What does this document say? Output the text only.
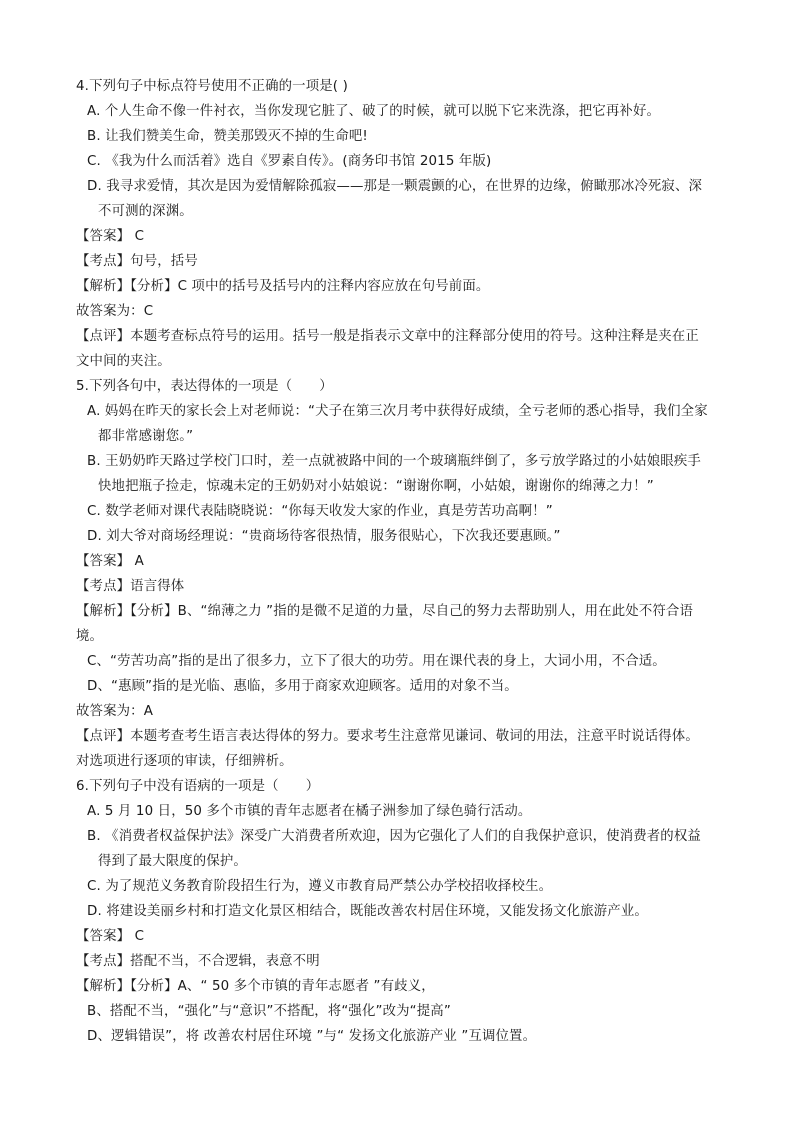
4.下列句子中标点符号使用不正确的一项是( )
A. 个人生命不像一件衬衣，当你发现它脏了、破了的时候，就可以脱下它来洗涤，把它再补好。
B. 让我们赞美生命，赞美那毁灭不掉的生命吧!
C. 《我为什么而活着》选自《罗素自传》。(商务印书馆 2015 年版)
D. 我寻求爱情，其次是因为爱情解除孤寂——那是一颗震颤的心，在世界的边缘，俯瞰那冰冷死寂、深
不可测的深渊。
【答案】 C
【考点】句号，括号
【解析】【分析】C 项中的括号及括号内的注释内容应放在句号前面。
故答案为：C
【点评】本题考查标点符号的运用。括号一般是指表示文章中的注释部分使用的符号。这种注释是夹在正
文中间的夹注。
5.下列各句中，表达得体的一项是（　　）
A. 妈妈在昨天的家长会上对老师说：“犬子在第三次月考中获得好成绩，全亏老师的悉心指导，我们全家
都非常感谢您。”
B. 王奶奶昨天路过学校门口时，差一点就被路中间的一个玻璃瓶绊倒了，多亏放学路过的小姑娘眼疾手
快地把瓶子捡走，惊魂未定的王奶奶对小姑娘说：“谢谢你啊，小姑娘，谢谢你的绵薄之力！”
C. 数学老师对课代表陆晓晓说：“你每天收发大家的作业，真是劳苦功高啊！”
D. 刘大爷对商场经理说：“贵商场待客很热情，服务很贴心，下次我还要惠顾。”
【答案】 A
【考点】语言得体
【解析】【分析】B、“绵薄之力 ”指的是微不足道的力量，尽自己的努力去帮助别人，用在此处不符合语
境。
C、“劳苦功高”指的是出了很多力，立下了很大的功劳。用在课代表的身上，大词小用，不合适。
D、“惠顾”指的是光临、惠临，多用于商家欢迎顾客。适用的对象不当。
故答案为：A
【点评】本题考查考生语言表达得体的努力。要求考生注意常见谦词、敬词的用法，注意平时说话得体。
对选项进行逐项的审读，仔细辨析。
6.下列句子中没有语病的一项是（　　）
A. 5 月 10 日，50 多个市镇的青年志愿者在橘子洲参加了绿色骑行活动。
B. 《消费者权益保护法》深受广大消费者所欢迎，因为它强化了人们的自我保护意识，使消费者的权益
得到了最大限度的保护。
C. 为了规范义务教育阶段招生行为，遵义市教育局严禁公办学校招收择校生。
D. 将建设美丽乡村和打造文化景区相结合，既能改善农村居住环境，又能发扬文化旅游产业。
【答案】 C
【考点】搭配不当，不合逻辑，表意不明
【解析】【分析】A、“ 50 多个市镇的青年志愿者 ”有歧义，
B、搭配不当，“强化”与“意识”不搭配，将“强化”改为“提高”
D、逻辑错误”，将 改善农村居住环境 ”与“ 发扬文化旅游产业 ”互调位置。
